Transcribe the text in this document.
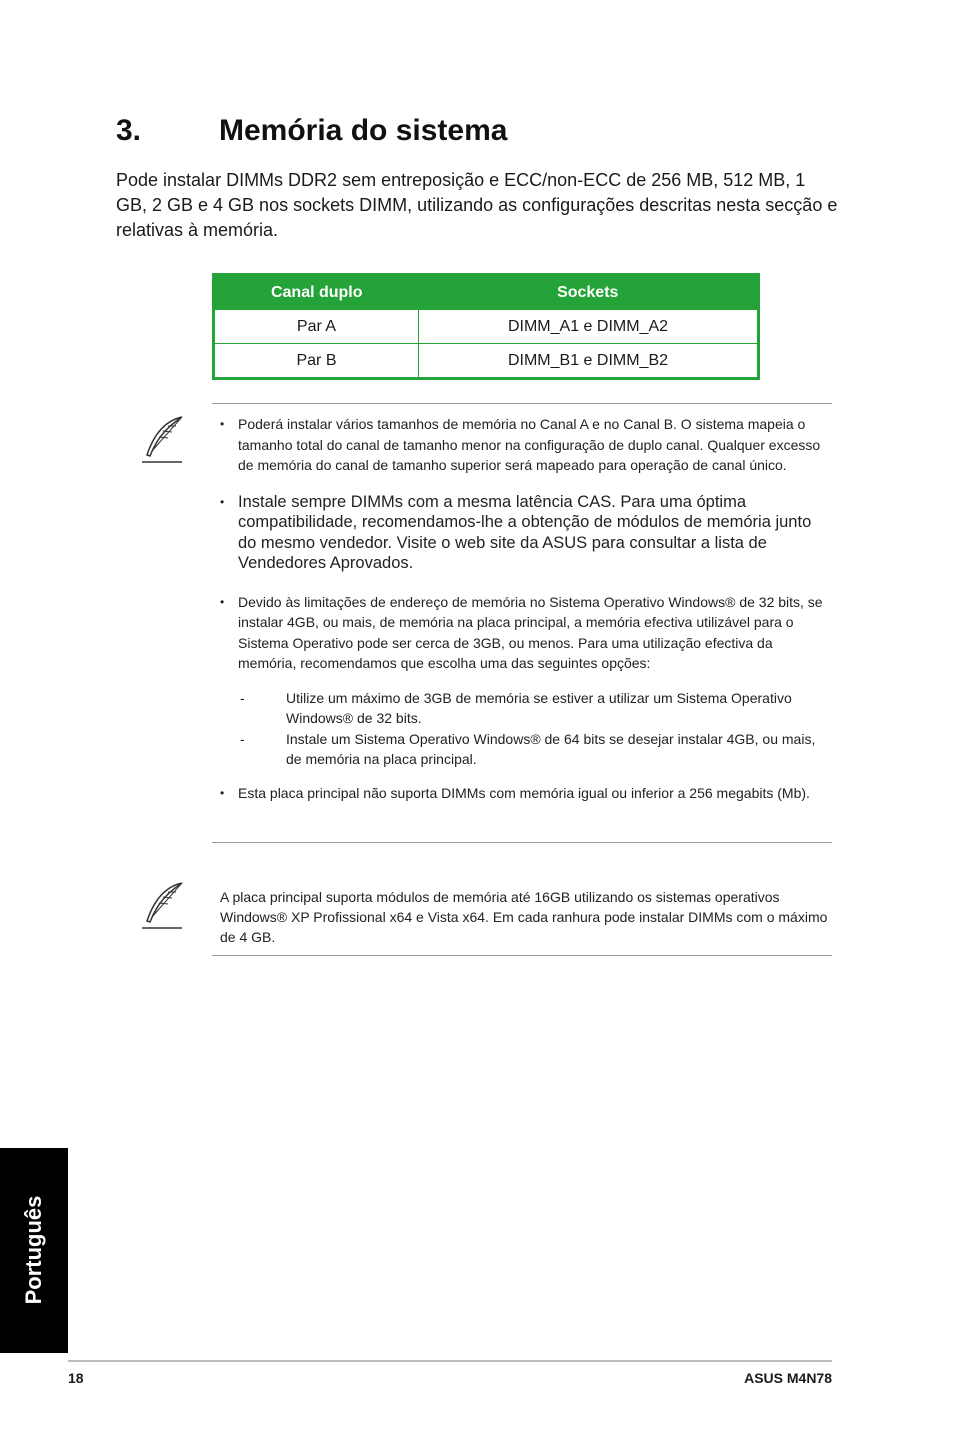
3.	Memória do sistema

Pode instalar DIMMs DDR2 sem entreposição e ECC/non-ECC de 256 MB, 512 MB, 1 GB, 2 GB e 4 GB nos sockets DIMM, utilizando as configurações descritas nesta secção e relativas à memória.

Canal duplo	Sockets
Par A	DIMM_A1 e DIMM_A2
Par B	DIMM_B1 e DIMM_B2
• Poderá instalar vários tamanhos de memória no Canal A e no Canal B. O sistema mapeia o tamanho total do canal de tamanho menor na configuração de duplo canal. Qualquer excesso de memória do canal de tamanho superior será mapeado para operação de canal único.
• Instale sempre DIMMs com a mesma latência CAS. Para uma óptima compatibilidade, recomendamos-lhe a obtenção de módulos de memória junto do mesmo vendedor. Visite o web site da ASUS para consultar a lista de Vendedores Aprovados.
• Devido às limitações de endereço de memória no Sistema Operativo Windows® de 32 bits, se instalar 4GB, ou mais, de memória na placa principal, a memória efectiva utilizável para o Sistema Operativo pode ser cerca de 3GB, ou menos. Para uma utilização efectiva da memória, recomendamos que escolha uma das seguintes opções:
- Utilize um máximo de 3GB de memória se estiver a utilizar um Sistema Operativo Windows® de 32 bits.
- Instale um Sistema Operativo Windows® de 64 bits se desejar instalar 4GB, ou mais, de memória na placa principal.
• Esta placa principal não suporta DIMMs com memória igual ou inferior a 256 megabits (Mb).

A placa principal suporta módulos de memória até 16GB utilizando os sistemas operativos Windows® XP Profissional x64 e Vista x64. Em cada ranhura pode instalar DIMMs com o máximo de 4 GB.

Português
18	ASUS M4N78
